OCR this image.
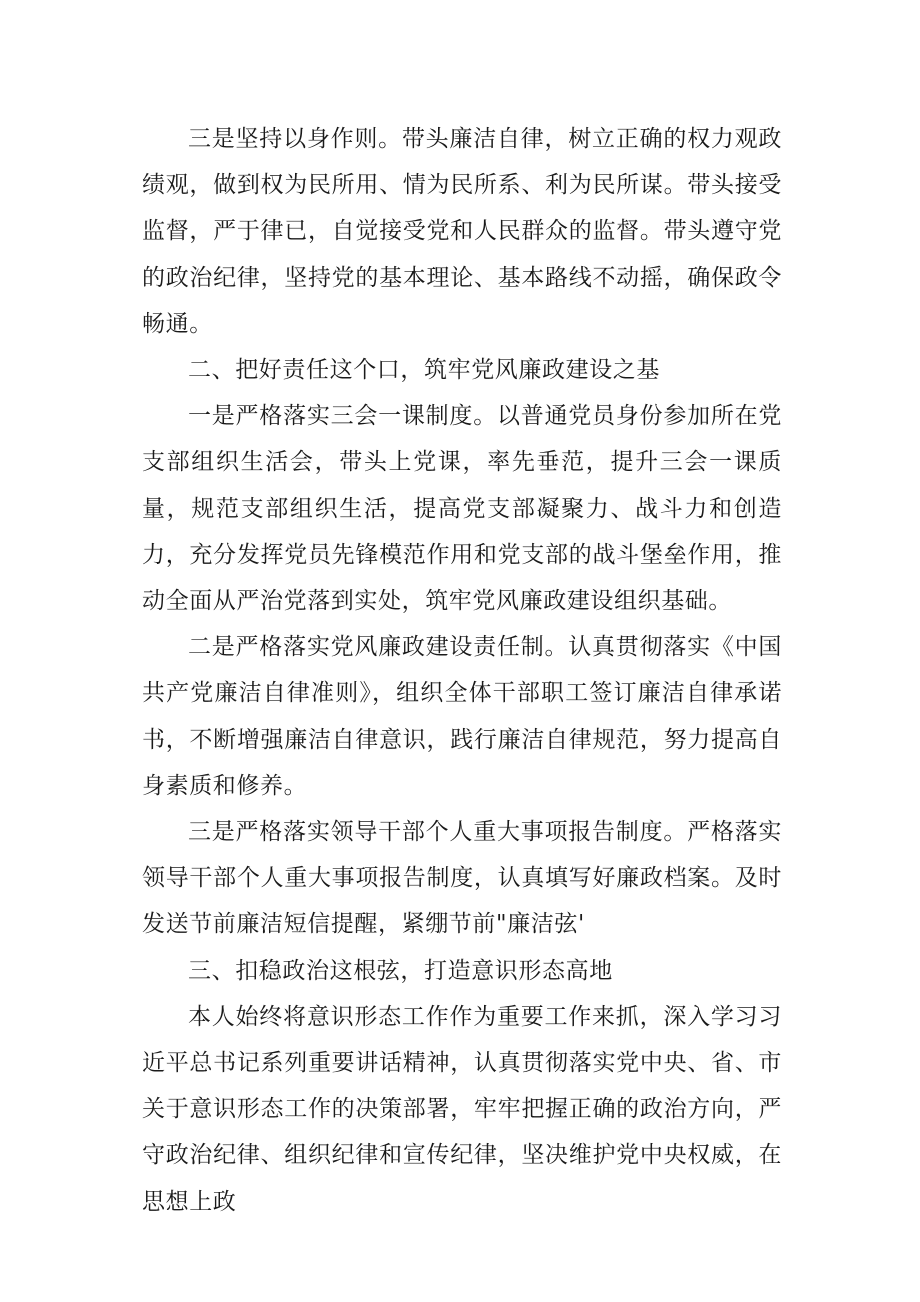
三是坚持以身作则。带头廉洁自律，树立正确的权力观政绩观，做到权为民所用、情为民所系、利为民所谋。带头接受监督，严于律已，自觉接受党和人民群众的监督。带头遵守党的政治纪律，坚持党的基本理论、基本路线不动摇，确保政令畅通。

二、把好责任这个口，筑牢党风廉政建设之基

一是严格落实三会一课制度。以普通党员身份参加所在党支部组织生活会，带头上党课，率先垂范，提升三会一课质量，规范支部组织生活，提高党支部凝聚力、战斗力和创造力，充分发挥党员先锋模范作用和党支部的战斗堡垒作用，推动全面从严治党落到实处，筑牢党风廉政建设组织基础。

二是严格落实党风廉政建设责任制。认真贯彻落实《中国共产党廉洁自律准则》，组织全体干部职工签订廉洁自律承诺书，不断增强廉洁自律意识，践行廉洁自律规范，努力提高自身素质和修养。

三是严格落实领导干部个人重大事项报告制度。严格落实领导干部个人重大事项报告制度，认真填写好廉政档案。及时发送节前廉洁短信提醒，紧绷节前"廉洁弦'

三、扣稳政治这根弦，打造意识形态高地

本人始终将意识形态工作作为重要工作来抓，深入学习习近平总书记系列重要讲话精神，认真贯彻落实党中央、省、市关于意识形态工作的决策部署，牢牢把握正确的政治方向，严守政治纪律、组织纪律和宣传纪律，坚决维护党中央权威，在思想上政
